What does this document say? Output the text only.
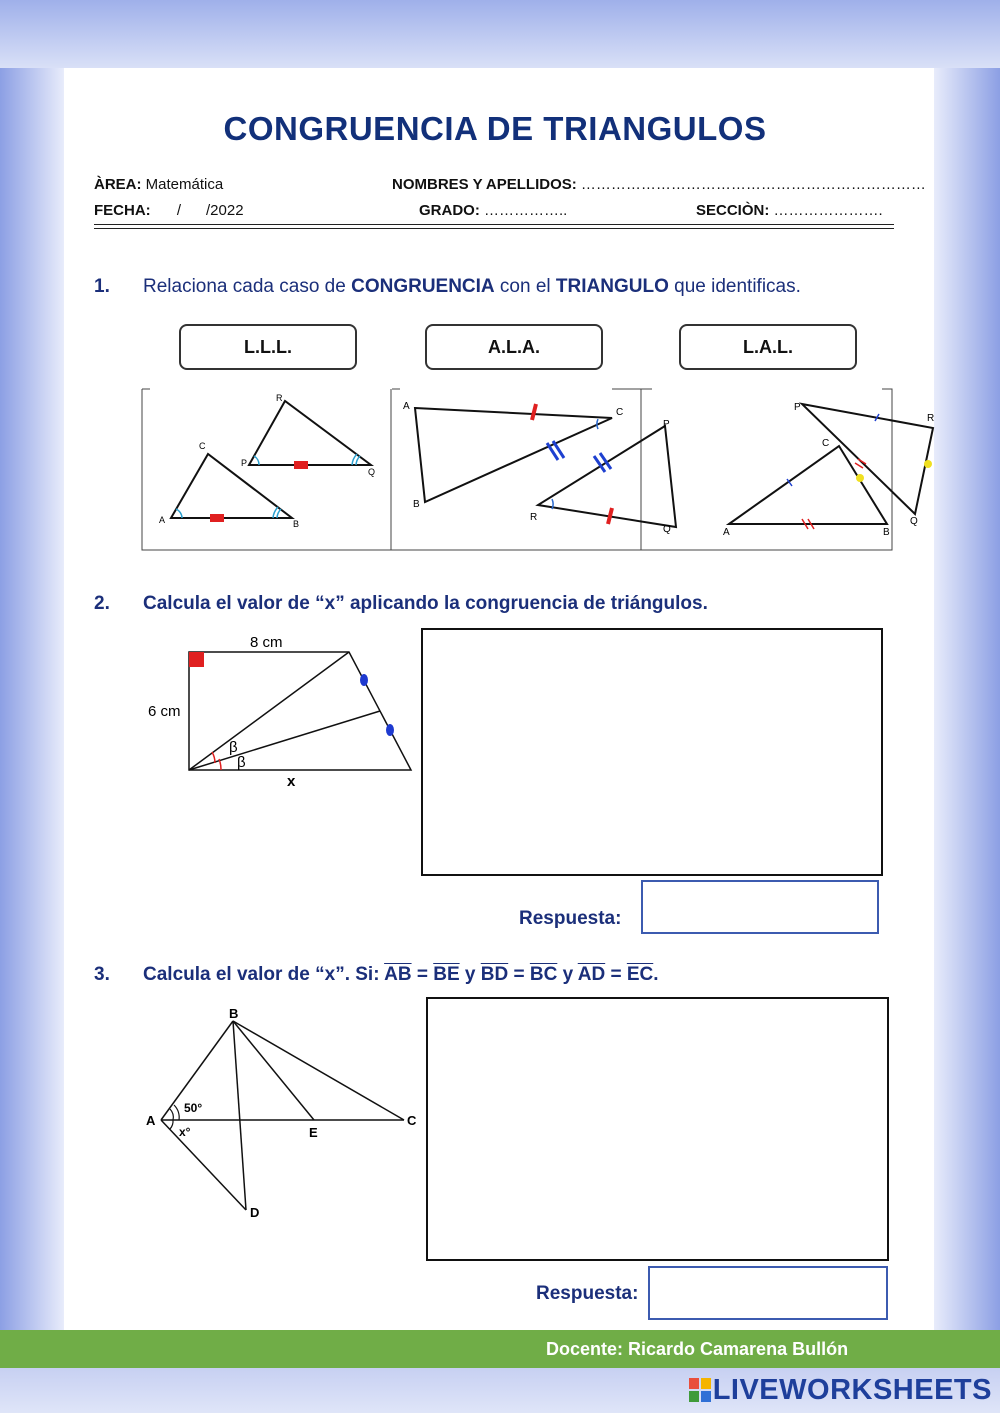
CONGRUENCIA DE TRIANGULOS
ÀREA: Matemática	NOMBRES Y APELLIDOS: ……………………………………………………………
FECHA: /      /2022	GRADO: ……………..	SECCIÒN: ………………….
1. Relaciona cada caso de CONGRUENCIA con el TRIANGULO que identificas.
L.L.L.	A.L.A.	L.A.L.
R
C
P
Q
A	B
A
C
P
B
R
Q
P
R
C
Q
A	B
2. Calcula el valor de “x” aplicando la congruencia de triángulos.
8 cm
6 cm
β
β
x
Respuesta:
3. Calcula el valor de “x”. Si: $\overline{AB} = \overline{BE}$ y $\overline{BD} = \overline{BC}$ y $\overline{AD} = \overline{EC}$.
B
A	C
E
D
50°
x°
Respuesta:
Docente: Ricardo Camarena Bullón
LIVEWORKSHEETS
